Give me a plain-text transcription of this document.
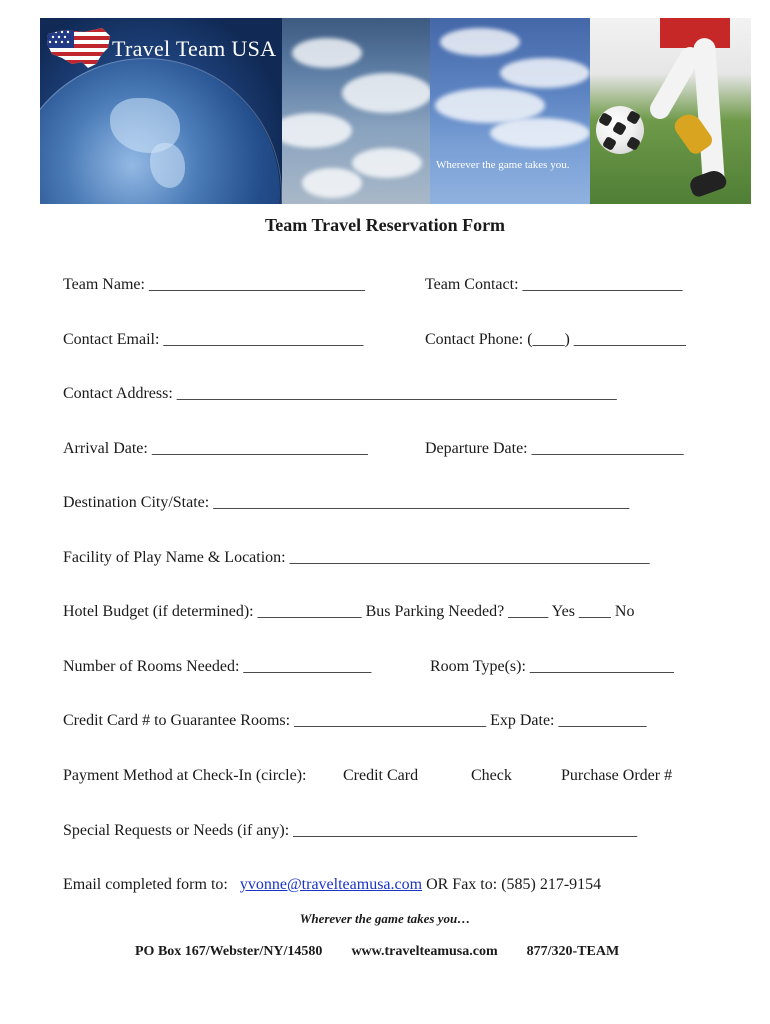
Travel Team USA
Wherever the game takes you.
Team Travel Reservation Form
Team Name: ___________________________	Team Contact: ____________________
Contact Email: _________________________	Contact Phone: (____) ______________
Contact Address: _______________________________________________________
Arrival Date: ___________________________	Departure Date: ___________________
Destination City/State: ____________________________________________________
Facility of Play Name & Location: _____________________________________________
Hotel Budget (if determined): _____________ Bus Parking Needed? _____ Yes ____ No
Number of Rooms Needed: ________________	Room Type(s): __________________
Credit Card # to Guarantee Rooms: ________________________ Exp Date: ___________
Payment Method at Check-In (circle): Credit Card	Check	Purchase Order #
Special Requests or Needs (if any): ___________________________________________
Email completed form to: yvonne@travelteamusa.com OR Fax to: (585) 217-9154
Wherever the game takes you…
PO Box 167/Webster/NY/14580 www.travelteamusa.com 877/320-TEAM
